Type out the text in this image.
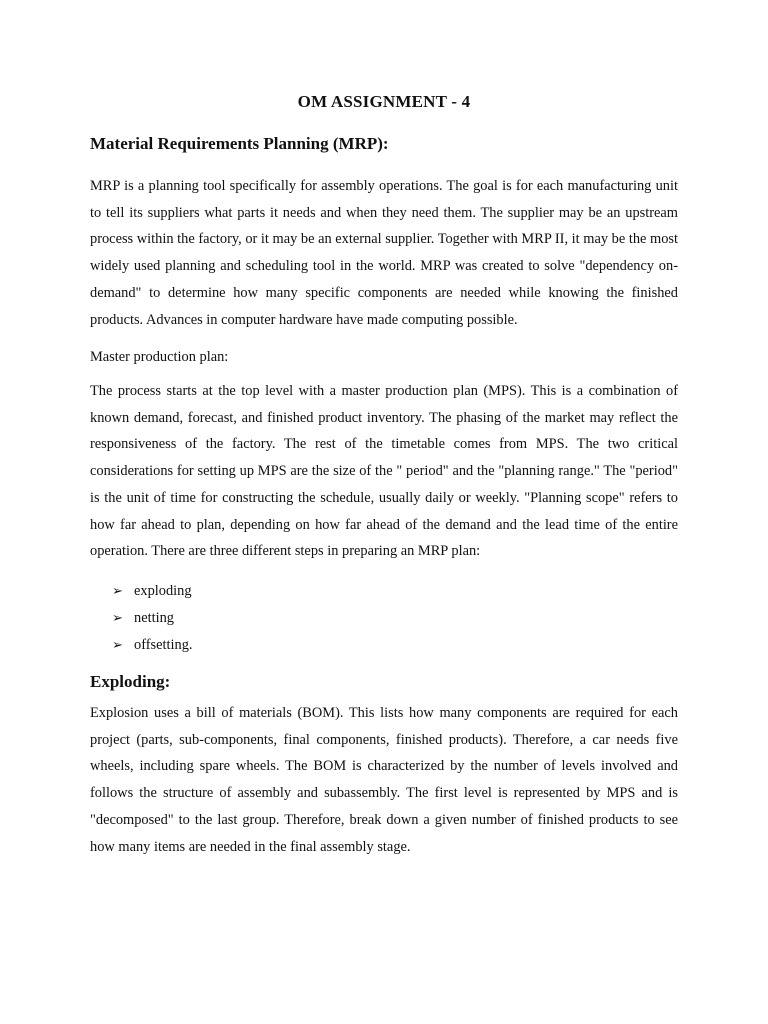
OM ASSIGNMENT - 4
Material Requirements Planning (MRP):

MRP is a planning tool specifically for assembly operations. The goal is for each manufacturing unit to tell its suppliers what parts it needs and when they need them. The supplier may be an upstream process within the factory, or it may be an external supplier. Together with MRP II, it may be the most widely used planning and scheduling tool in the world. MRP was created to solve "dependency on-demand" to determine how many specific components are needed while knowing the finished products. Advances in computer hardware have made computing possible.

Master production plan:

The process starts at the top level with a master production plan (MPS). This is a combination of known demand, forecast, and finished product inventory. The phasing of the market may reflect the responsiveness of the factory. The rest of the timetable comes from MPS. The two critical considerations for setting up MPS are the size of the " period" and the "planning range." The "period" is the unit of time for constructing the schedule, usually daily or weekly. "Planning scope" refers to how far ahead to plan, depending on how far ahead of the demand and the lead time of the entire operation. There are three different steps in preparing an MRP plan:

➢ exploding
➢ netting
➢ offsetting.
Exploding:

Explosion uses a bill of materials (BOM). This lists how many components are required for each project (parts, sub-components, final components, finished products). Therefore, a car needs five wheels, including spare wheels. The BOM is characterized by the number of levels involved and follows the structure of assembly and subassembly. The first level is represented by MPS and is "decomposed" to the last group. Therefore, break down a given number of finished products to see how many items are needed in the final assembly stage.
